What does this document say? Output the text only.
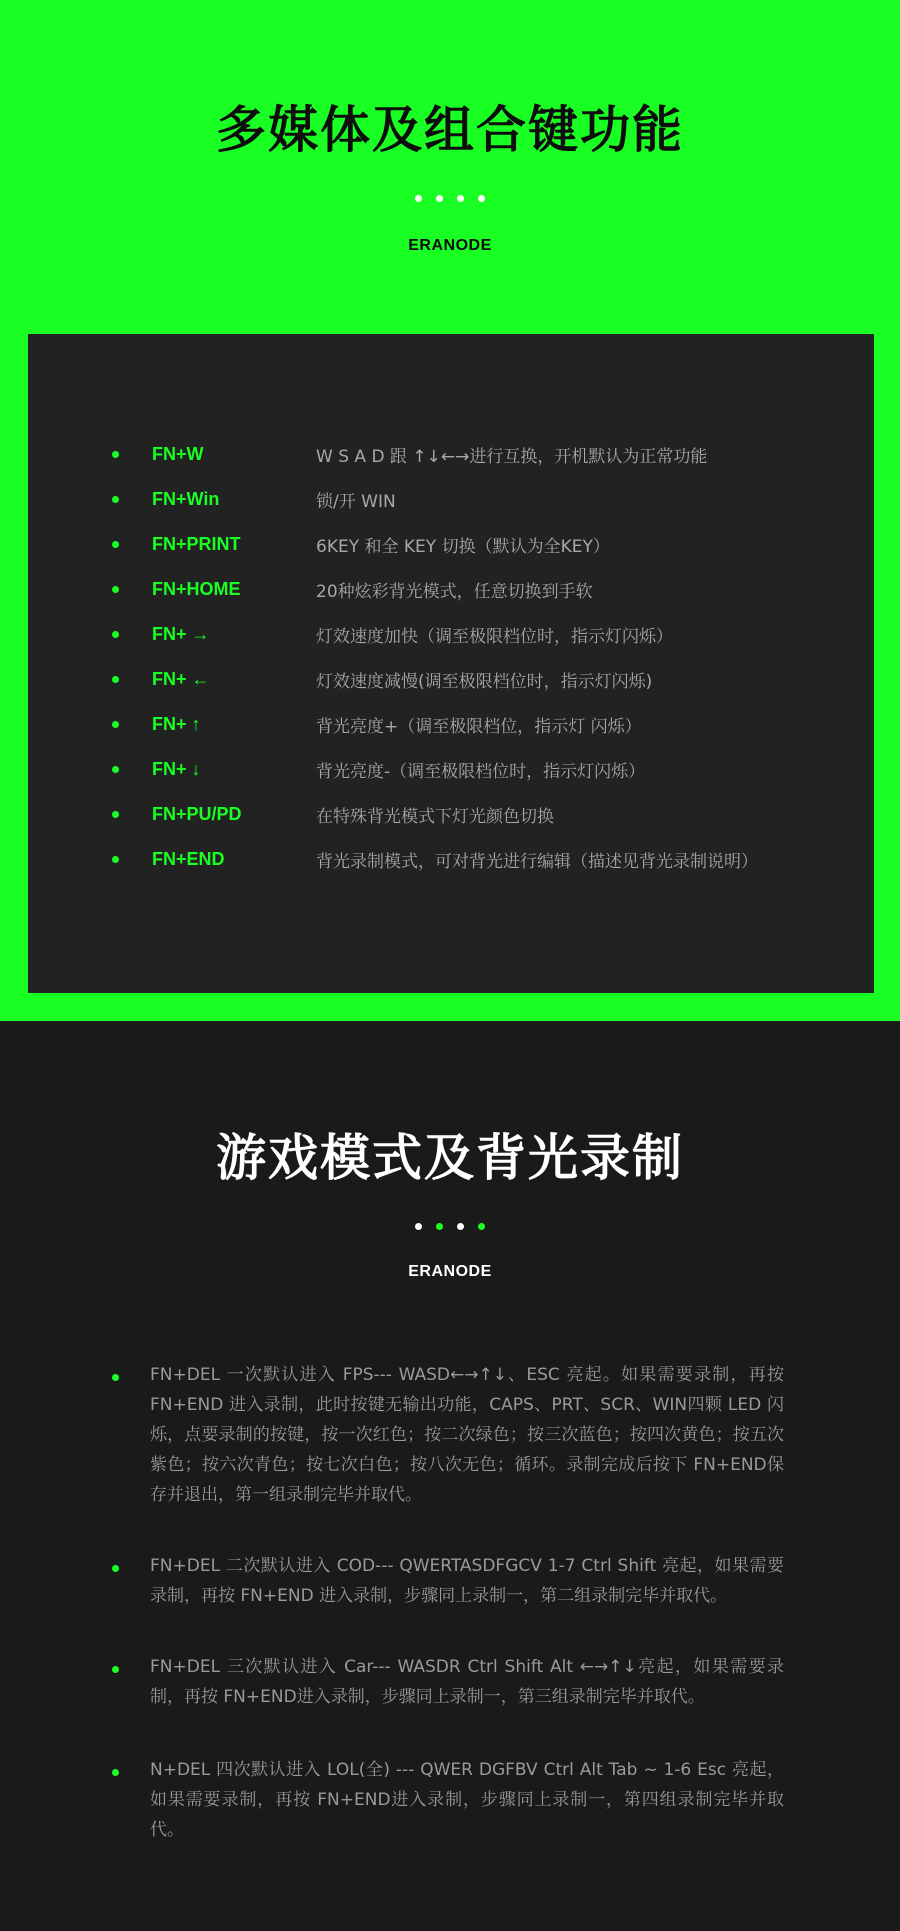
多媒体及组合键功能
ERANODE
FN+W	W S A D 跟 ↑↓←→进行互换，开机默认为正常功能
FN+Win	锁/开 WIN
FN+PRINT	6KEY 和全 KEY 切换（默认为全KEY）
FN+HOME	20种炫彩背光模式，任意切换到手软
FN+ →	灯效速度加快（调至极限档位时，指示灯闪烁）
FN+ ←	灯效速度减慢(调至极限档位时，指示灯闪烁)
FN+ ↑	背光亮度+（调至极限档位，指示灯 闪烁）
FN+ ↓	背光亮度-（调至极限档位时，指示灯闪烁）
FN+PU/PD	在特殊背光模式下灯光颜色切换
FN+END	背光录制模式，可对背光进行编辑（描述见背光录制说明）
游戏模式及背光录制
ERANODE
FN+DEL 一次默认进入 FPS--- WASD←→↑↓、ESC 亮起。如果需要录制，再按 FN+END 进入录制，此时按键无输出功能，CAPS、PRT、SCR、WIN四颗 LED 闪烁，点要录制的按键，按一次红色；按二次绿色；按三次蓝色；按四次黄色；按五次紫色；按六次青色；按七次白色；按八次无色；循环。录制完成后按下 FN+END保存并退出，第一组录制完毕并取代。
FN+DEL 二次默认进入 COD--- QWERTASDFGCV 1-7 Ctrl Shift 亮起，如果需要录制，再按 FN+END 进入录制，步骤同上录制一，第二组录制完毕并取代。
FN+DEL 三次默认进入 Car--- WASDR Ctrl Shift Alt ←→↑↓亮起，如果需要录制，再按 FN+END进入录制，步骤同上录制一，第三组录制完毕并取代。
N+DEL 四次默认进入 LOL(全) --- QWER DGFBV Ctrl Alt Tab ~ 1-6 Esc 亮起，如果需要录制，再按 FN+END进入录制，步骤同上录制一，第四组录制完毕并取代。
